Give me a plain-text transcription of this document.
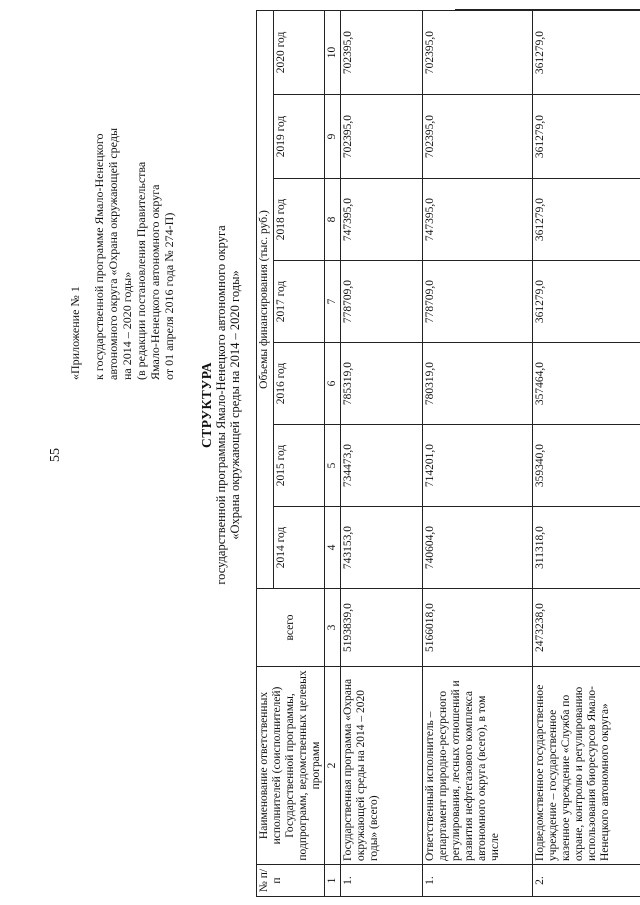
55
«Приложение № 1 к государственной программе Ямало-Ненецкого автономного округа «Охрана окружающей среды на 2014 – 2020 годы» (в редакции постановления Правительства Ямало-Ненецкого автономного округа от 01 апреля 2016 года № 274-П)
СТРУКТУРА государственной программы Ямало-Ненецкого автономного округа «Охрана окружающей среды на 2014 – 2020 годы»
№ п/п	Наименование ответственных исполнителей (соисполнителей) Государственной программы, подпрограмм, ведомственных целевых программ	всего	Объемы финансирования (тыс. руб.)						
			2014 год	2015 год	2016 год	2017 год	2018 год	2019 год	2020 год
1	2	3	4	5	6	7	8	9	10
1.	Государственная программа «Охрана окружающей среды на 2014 – 2020 годы» (всего)	5193839,0	743153,0	734473,0	785319,0	778709,0	747395,0	702395,0	702395,0
1.	Ответственный исполнитель – департамент природно-ресурсного регулирования, лесных отношений и развития нефтегазового комплекса автономного округа (всего), в том числе	5166018,0	740604,0	714201,0	780319,0	778709,0	747395,0	702395,0	702395,0
2.	Подведомственное государственное учреждение – государственное казенное учреждение «Служба по охране, контролю и регулированию использования биоресурсов Ямало-Ненецкого автономного округа»	2473238,0	311318,0	359340,0	357464,0	361279,0	361279,0	361279,0	361279,0
